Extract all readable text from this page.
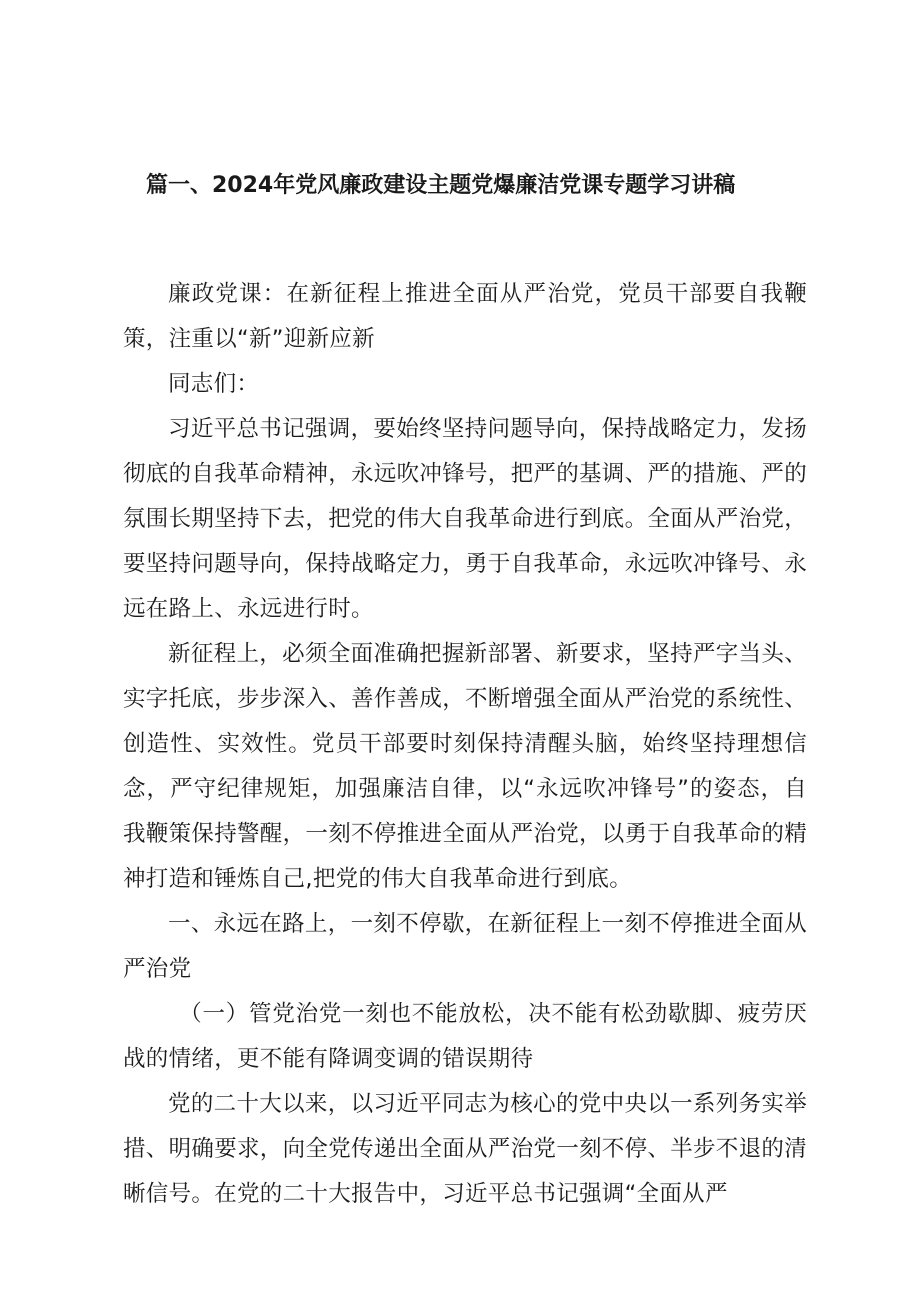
篇一、2024年党风廉政建设主题党爆廉洁党课专题学习讲稿

廉政党课：在新征程上推进全面从严治党，党员干部要自我鞭策，注重以“新”迎新应新

同志们：

习近平总书记强调，要始终坚持问题导向，保持战略定力，发扬彻底的自我革命精神，永远吹冲锋号，把严的基调、严的措施、严的氛围长期坚持下去，把党的伟大自我革命进行到底。全面从严治党，要坚持问题导向，保持战略定力，勇于自我革命，永远吹冲锋号、永远在路上、永远进行时。

新征程上，必须全面准确把握新部署、新要求，坚持严字当头、实字托底，步步深入、善作善成，不断增强全面从严治党的系统性、创造性、实效性。党员干部要时刻保持清醒头脑，始终坚持理想信念，严守纪律规矩，加强廉洁自律，以“永远吹冲锋号”的姿态，自我鞭策保持警醒，一刻不停推进全面从严治党，以勇于自我革命的精神打造和锤炼自己,把党的伟大自我革命进行到底。

一、永远在路上，一刻不停歇，在新征程上一刻不停推进全面从严治党

（一）管党治党一刻也不能放松，决不能有松劲歇脚、疲劳厌战的情绪，更不能有降调变调的错误期待

党的二十大以来，以习近平同志为核心的党中央以一系列务实举措、明确要求，向全党传递出全面从严治党一刻不停、半步不退的清晰信号。在党的二十大报告中，习近平总书记强调“全面从严
